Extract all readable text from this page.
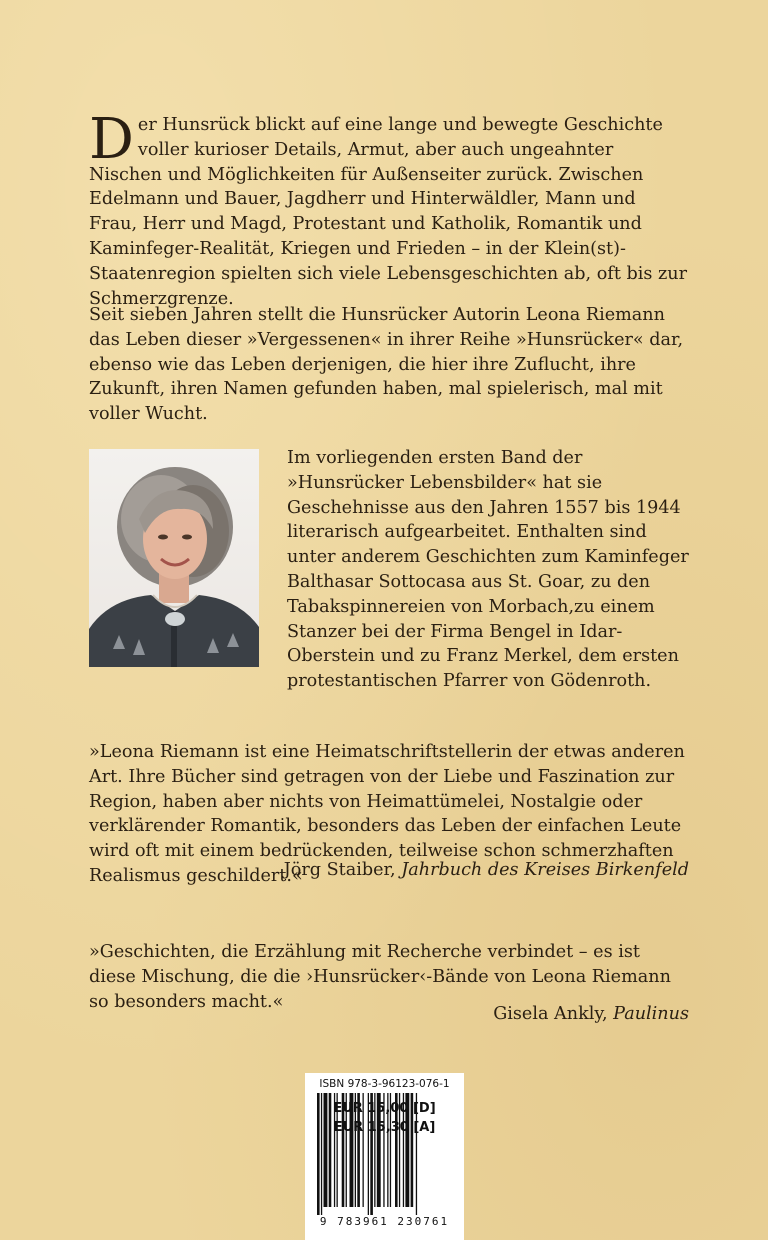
Der Hunsrück blickt auf eine lange und bewegte Geschichte voller kurioser Details, Armut, aber auch ungeahnter Nischen und Möglichkeiten für Außenseiter zurück. Zwischen Edelmann und Bauer, Jagdherr und Hinterwäldler, Mann und Frau, Herr und Magd, Protestant und Katholik, Romantik und Kaminfeger-Realität, Kriegen und Frieden – in der Klein(st)-Staatenregion spielten sich viele Lebensgeschichten ab, oft bis zur Schmerzgrenze.

Seit sieben Jahren stellt die Hunsrücker Autorin Leona Riemann das Leben dieser »Vergessenen« in ihrer Reihe »Hunsrücker« dar, ebenso wie das Leben derjenigen, die hier ihre Zuflucht, ihre Zukunft, ihren Namen gefunden haben, mal spielerisch, mal mit voller Wucht.

Im vorliegenden ersten Band der »Hunsrücker Lebensbilder« hat sie Geschehnisse aus den Jahren 1557 bis 1944 literarisch aufgearbeitet. Enthalten sind unter anderem Geschichten zum Kaminfeger Balthasar Sottocasa aus St. Goar, zu den Tabakspinnereien von Morbach,zu einem Stanzer bei der Firma Bengel in Idar-Oberstein und zu Franz Merkel, dem ersten protestantischen Pfarrer von Gödenroth.

»Leona Riemann ist eine Heimatschriftstellerin der etwas anderen Art. Ihre Bücher sind getragen von der Liebe und Faszination zur Region, haben aber nichts von Heimattümelei, Nostalgie oder verklärender Romantik, besonders das Leben der einfachen Leute wird oft mit einem bedrückenden, teilweise schon schmerzhaften Realismus geschildert.«

Jörg Staiber, Jahrbuch des Kreises Birkenfeld

»Geschichten, die Erzählung mit Recherche verbindet – es ist diese Mischung, die die ›Hunsrücker‹-Bände von Leona Riemann so besonders macht.«

Gisela Ankly, Paulinus

ISBN 978-3-96123-076-1
9 783961 230761
EUR 15,00 [D]
EUR 15,30 [A]
